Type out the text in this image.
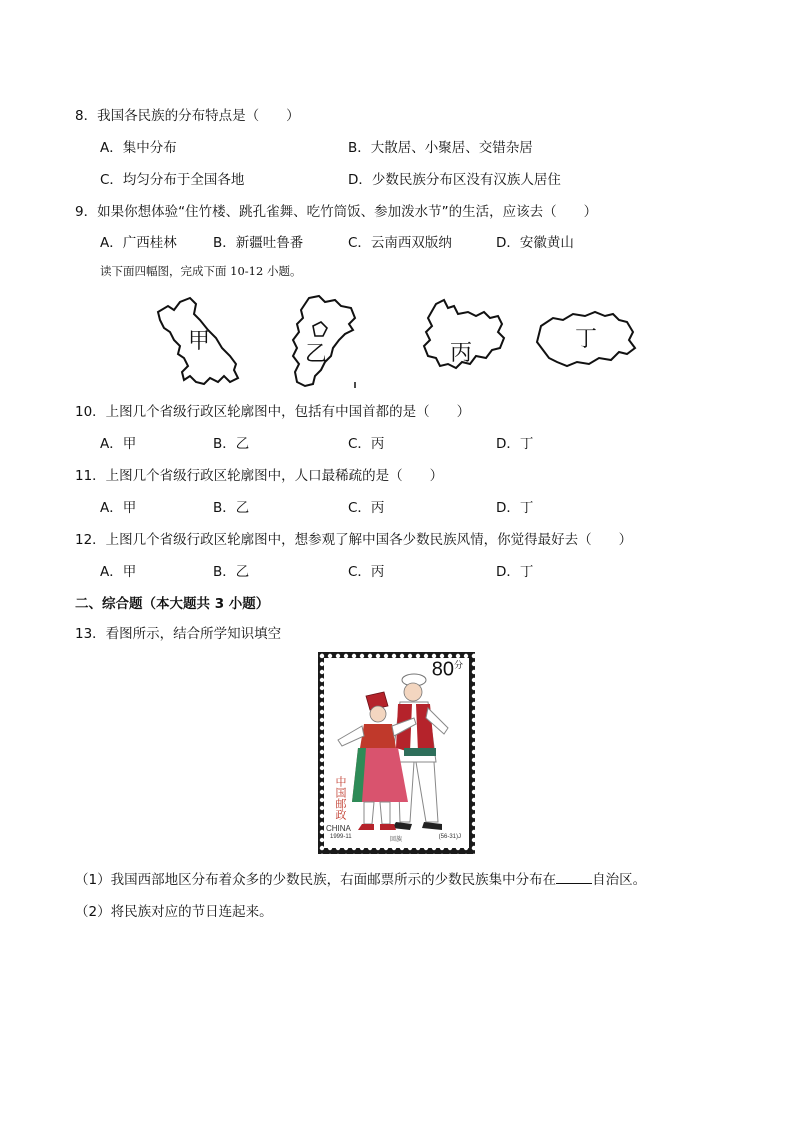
8．我国各民族的分布特点是（　　）
A．集中分布	B．大散居、小聚居、交错杂居
C．均匀分布于全国各地	D．少数民族分布区没有汉族人居住
9．如果你想体验“住竹楼、跳孔雀舞、吃竹筒饭、参加泼水节”的生活，应该去（　　）
A．广西桂林	B．新疆吐鲁番	C．云南西双版纳	D．安徽黄山
读下面四幅图，完成下面 10-12 小题。
甲
乙	丙
丁
10．上图几个省级行政区轮廓图中，包括有中国首都的是（　　）
A．甲	B．乙	C．丙	D．丁
11．上图几个省级行政区轮廓图中，人口最稀疏的是（　　）
A．甲	B．乙	C．丙	D．丁
12．上图几个省级行政区轮廓图中，想参观了解中国各少数民族风情，你觉得最好去（　　）
A．甲	B．乙	C．丙	D．丁
二、综合题（本大题共 3 小题）
13．看图所示，结合所学知识填空
$80_分$
中国邮政
CHINA
1999-11	回族	(56-31)J
（1）我国西部地区分布着众多的少数民族，右面邮票所示的少数民族集中分布在	自治区。
（2）将民族对应的节日连起来。
